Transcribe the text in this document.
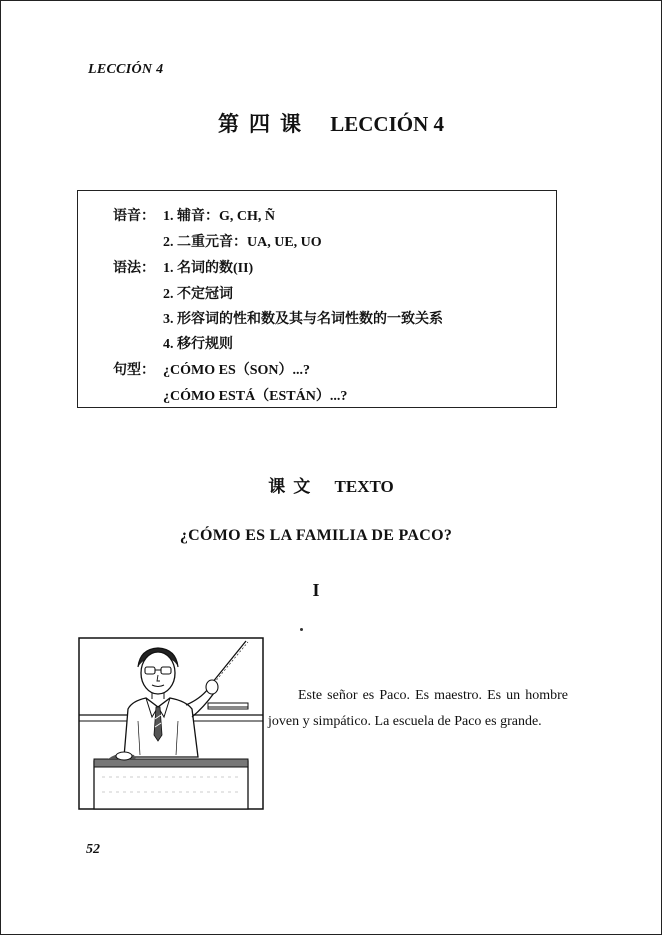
LECCIÓN 4
第四课 LECCIÓN 4
语音： 1. 辅音：G, CH, Ñ
2. 二重元音：UA, UE, UO
语法： 1. 名词的数(II)
2. 不定冠词
3. 形容词的性和数及其与名词性数的一致关系
4. 移行规则
句型： ¿CÓMO ES（SON）...?
¿CÓMO ESTÁ（ESTÁN）...?
课文 TEXTO
¿CÓMO ES LA FAMILIA DE PACO?
I
Este señor es Paco. Es maestro. Es un hombre joven y simpático. La escuela de Paco es grande.
52
